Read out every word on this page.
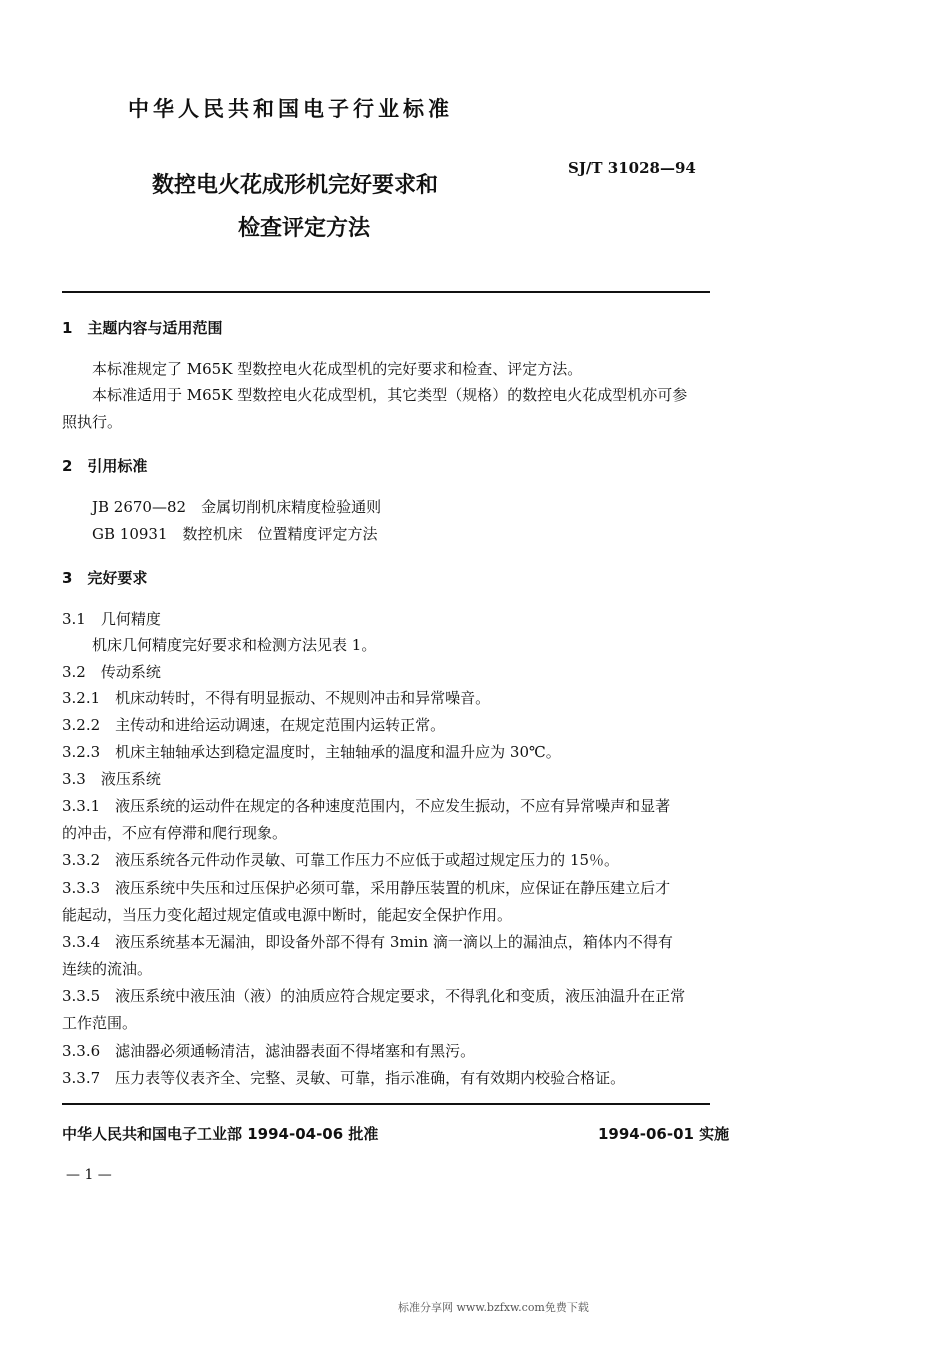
中华人民共和国电子行业标准
数控电火花成形机完好要求和
检查评定方法
SJ/T 31028—94
1　主题内容与适用范围
本标准规定了 M65K 型数控电火花成型机的完好要求和检查、评定方法。
本标准适用于 M65K 型数控电火花成型机，其它类型（规格）的数控电火花成型机亦可参
照执行。
2　引用标准
JB 2670—82　金属切削机床精度检验通则
GB 10931　数控机床　位置精度评定方法
3　完好要求
3.1　几何精度
机床几何精度完好要求和检测方法见表 1。
3.2　传动系统
3.2.1　机床动转时，不得有明显振动、不规则冲击和异常噪音。
3.2.2　主传动和进给运动调速，在规定范围内运转正常。
3.2.3　机床主轴轴承达到稳定温度时，主轴轴承的温度和温升应为 30℃。
3.3　液压系统
3.3.1　液压系统的运动件在规定的各种速度范围内，不应发生振动，不应有异常噪声和显著
的冲击，不应有停滞和爬行现象。
3.3.2　液压系统各元件动作灵敏、可靠工作压力不应低于或超过规定压力的 15％。
3.3.3　液压系统中失压和过压保护必须可靠，采用静压装置的机床，应保证在静压建立后才
能起动，当压力变化超过规定值或电源中断时，能起安全保护作用。
3.3.4　液压系统基本无漏油，即设备外部不得有 3min 滴一滴以上的漏油点，箱体内不得有
连续的流油。
3.3.5　液压系统中液压油（液）的油质应符合规定要求，不得乳化和变质，液压油温升在正常
工作范围。
3.3.6　滤油器必须通畅清洁，滤油器表面不得堵塞和有黑污。
3.3.7　压力表等仪表齐全、完整、灵敏、可靠，指示准确，有有效期内校验合格证。
中华人民共和国电子工业部 1994-04-06 批准	1994-06-01 实施
— 1 —
标准分享网 www.bzfxw.com免费下载
